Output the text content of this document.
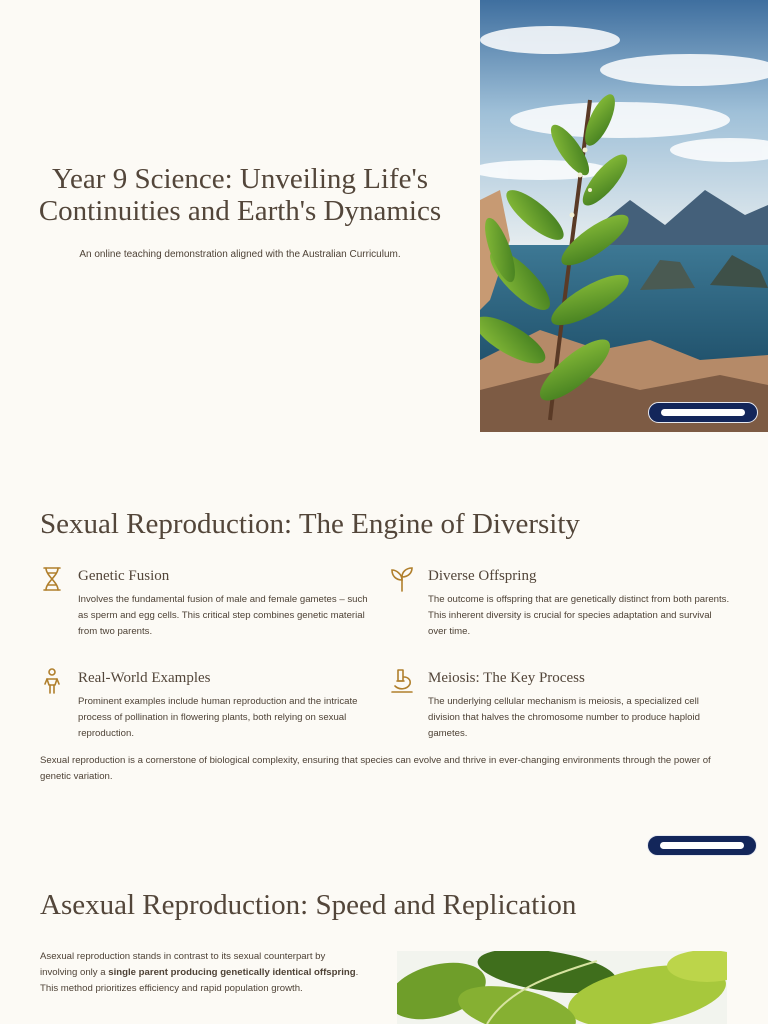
Year 9 Science: Unveiling Life's Continuities and Earth's Dynamics

An online teaching demonstration aligned with the Australian Curriculum.

Sexual Reproduction: The Engine of Diversity
Genetic Fusion
Involves the fundamental fusion of male and female gametes – such as sperm and egg cells. This critical step combines genetic material from two parents.
Diverse Offspring
The outcome is offspring that are genetically distinct from both parents. This inherent diversity is crucial for species adaptation and survival over time.
Real-World Examples
Prominent examples include human reproduction and the intricate process of pollination in flowering plants, both relying on sexual reproduction.
Meiosis: The Key Process
The underlying cellular mechanism is meiosis, a specialized cell division that halves the chromosome number to produce haploid gametes.

Sexual reproduction is a cornerstone of biological complexity, ensuring that species can evolve and thrive in ever-changing environments through the power of genetic variation.

Asexual Reproduction: Speed and Replication

Asexual reproduction stands in contrast to its sexual counterpart by involving only a single parent producing genetically identical offspring. This method prioritizes efficiency and rapid population growth.
